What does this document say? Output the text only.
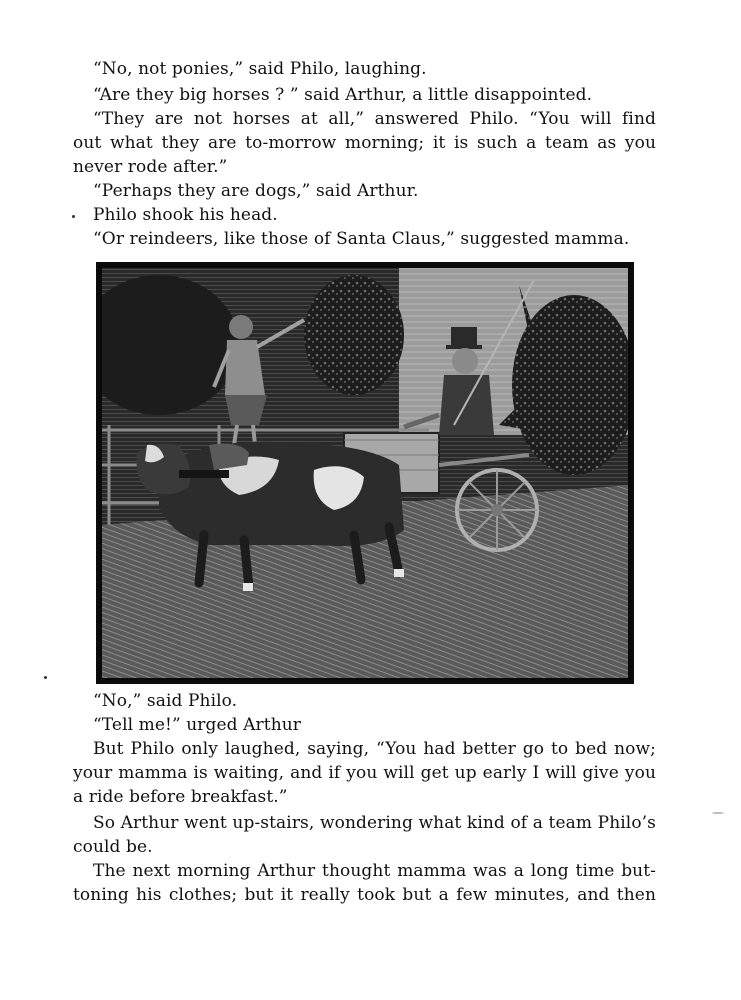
“No, not ponies,” said Philo, laughing.
“Are they big horses ? ” said Arthur, a little disappointed.
“They are not horses at all,” answered Philo. “You will find
out what they are to-morrow morning; it is such a team as you
never rode after.”
“Perhaps they are dogs,” said Arthur.
Philo shook his head.
“Or reindeers, like those of Santa Claus,” suggested mamma.
“No,” said Philo.
“Tell me!” urged Arthur
But Philo only laughed, saying, “You had better go to bed now;
your mamma is waiting, and if you will get up early I will give you
a ride before breakfast.”
So Arthur went up-stairs, wondering what kind of a team Philo’s
could be.
The next morning Arthur thought mamma was a long time but-
toning his clothes; but it really took but a few minutes, and then
